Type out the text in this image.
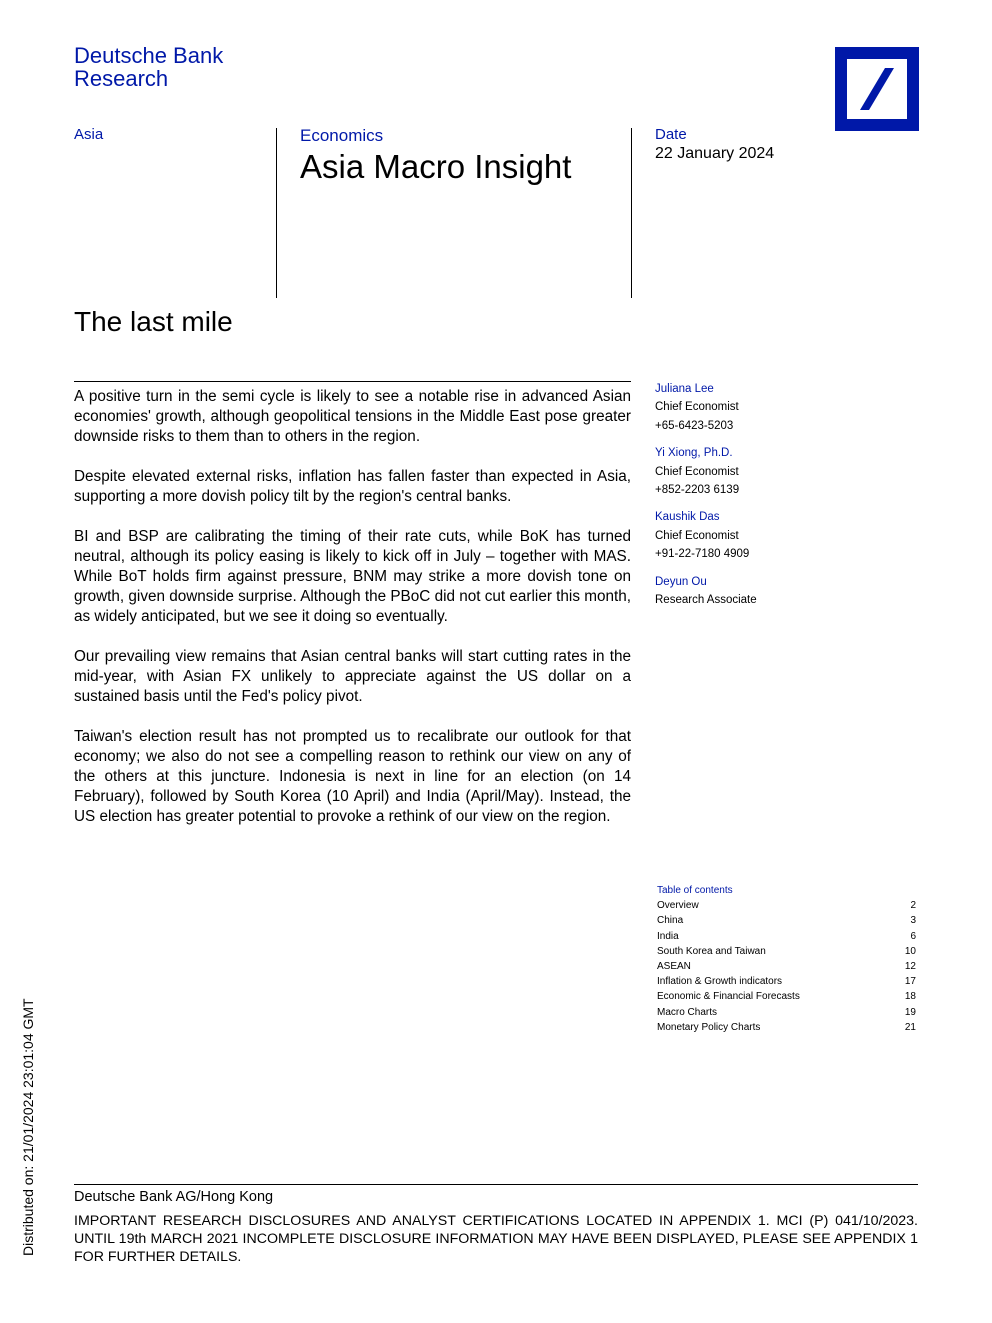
Deutsche Bank
Research
Asia	Economics
Asia Macro Insight
Date
22 January 2024
The last mile

A positive turn in the semi cycle is likely to see a notable rise in advanced Asian economies' growth, although geopolitical tensions in the Middle East pose greater downside risks to them than to others in the region.

Despite elevated external risks, inflation has fallen faster than expected in Asia, supporting a more dovish policy tilt by the region's central banks.

BI and BSP are calibrating the timing of their rate cuts, while BoK has turned neutral, although its policy easing is likely to kick off in July – together with MAS. While BoT holds firm against pressure, BNM may strike a more dovish tone on growth, given downside surprise. Although the PBoC did not cut earlier this month, as widely anticipated, but we see it doing so eventually.

Our prevailing view remains that Asian central banks will start cutting rates in the mid-year, with Asian FX unlikely to appreciate against the US dollar on a sustained basis until the Fed's policy pivot.

Taiwan's election result has not prompted us to recalibrate our outlook for that economy; we also do not see a compelling reason to rethink our view on any of the others at this juncture. Indonesia is next in line for an election (on 14 February), followed by South Korea (10 April) and India (April/May). Instead, the US election has greater potential to provoke a rethink of our view on the region.

Juliana Lee
Chief Economist
+65-6423-5203
Yi Xiong, Ph.D.
Chief Economist
+852-2203 6139
Kaushik Das
Chief Economist
+91-22-7180 4909
Deyun Ou
Research Associate
Table of contents
Overview	2
China	3
India	6
South Korea and Taiwan	10
ASEAN	12
Inflation & Growth indicators	17
Economic & Financial Forecasts	18
Macro Charts	19
Monetary Policy Charts	21
Distributed on: 21/01/2024 23:01:04 GMT	Deutsche Bank AG/Hong Kong
IMPORTANT RESEARCH DISCLOSURES AND ANALYST CERTIFICATIONS LOCATED IN APPENDIX 1. MCI (P) 041/10/2023. UNTIL 19th MARCH 2021 INCOMPLETE DISCLOSURE INFORMATION MAY HAVE BEEN DISPLAYED, PLEASE SEE APPENDIX 1 FOR FURTHER DETAILS.
